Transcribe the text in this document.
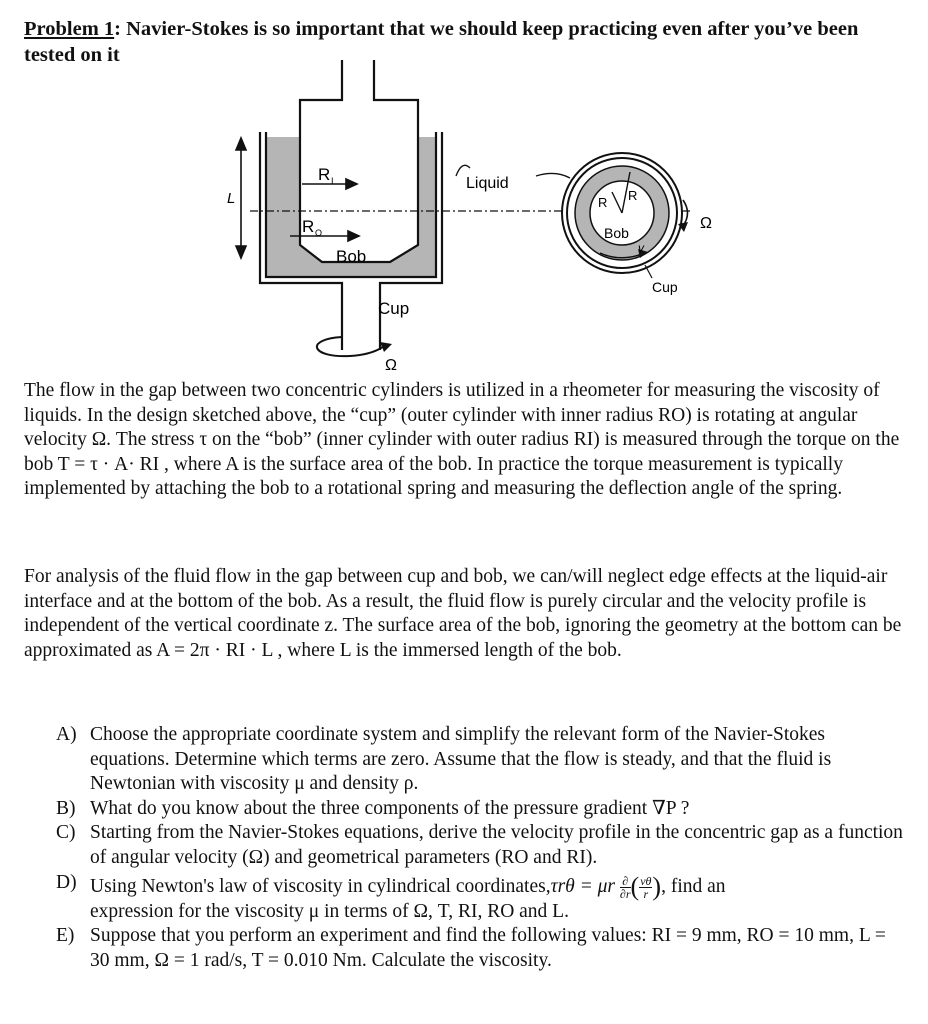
Problem 1: Navier-Stokes is so important that we should keep practicing even after you’ve been tested on it
L
R I
R O
Bob
Cup
Liquid
Ω
R R
Bob
v
Cup
Ω

The flow in the gap between two concentric cylinders is utilized in a rheometer for measuring the viscosity of liquids. In the design sketched above, the “cup” (outer cylinder with inner radius RO) is rotating at angular velocity Ω. The stress τ on the “bob” (inner cylinder with outer radius RI) is measured through the torque on the bob T = τ · A· RI , where A is the surface area of the bob. In practice the torque measurement is typically implemented by attaching the bob to a rotational spring and measuring the deflection angle of the spring.

For analysis of the fluid flow in the gap between cup and bob, we can/will neglect edge effects at the liquid-air interface and at the bottom of the bob. As a result, the fluid flow is purely circular and the velocity profile is independent of the vertical coordinate z. The surface area of the bob, ignoring the geometry at the bottom can be approximated as A = 2π · RI · L , where L is the immersed length of the bob.

A) Choose the appropriate coordinate system and simplify the relevant form of the Navier-Stokes equations. Determine which terms are zero. Assume that the flow is steady, and that the fluid is Newtonian with viscosity μ and density ρ.
B) What do you know about the three components of the pressure gradient ∇P ?
C) Starting from the Navier-Stokes equations, derive the velocity profile in the concentric gap as a function of angular velocity (Ω) and geometrical parameters (RO and RI).
D) Using Newton's law of viscosity in cylindrical coordinates,τrθ = μr $\frac{\partial}{\partial r}$ ( $\frac{v\theta}{r}$ ), find an
expression for the viscosity μ in terms of Ω, T, RI, RO and L.
E) Suppose that you perform an experiment and find the following values: RI = 9 mm, RO = 10 mm, L = 30 mm, Ω = 1 rad/s, T = 0.010 Nm. Calculate the viscosity.
